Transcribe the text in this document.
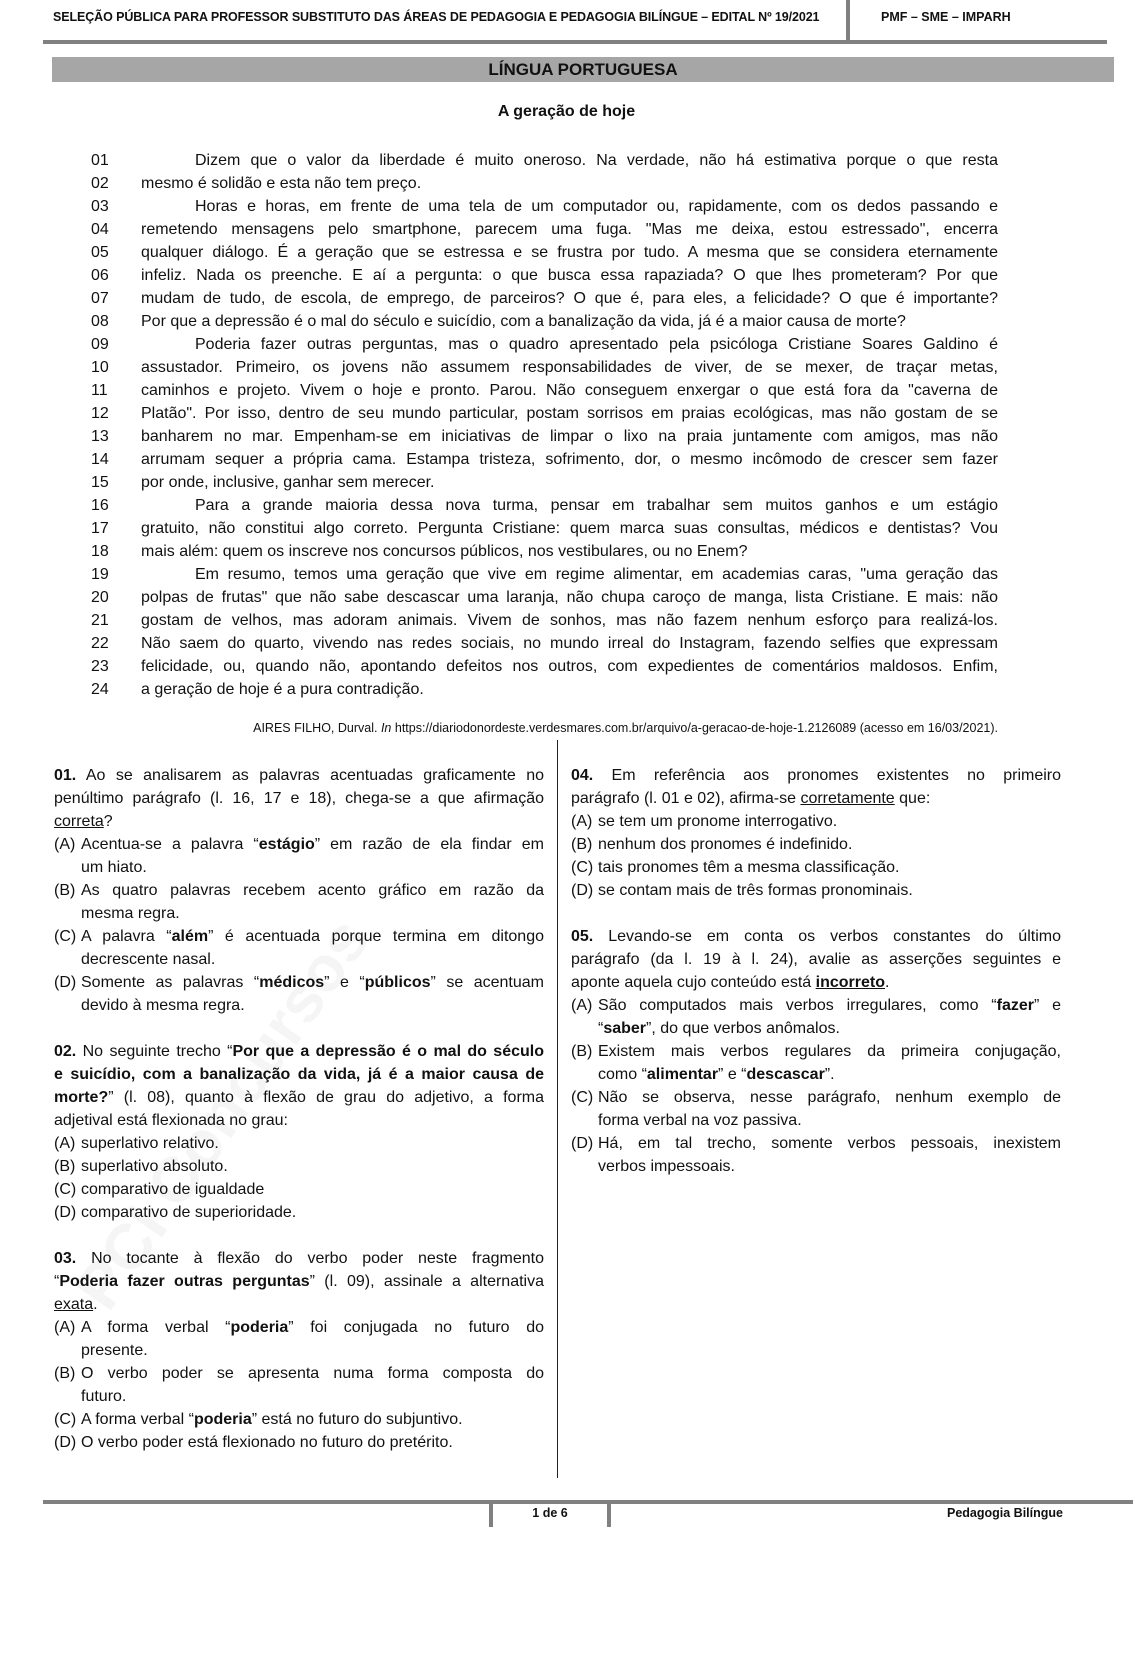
SELEÇÃO PÚBLICA PARA PROFESSOR SUBSTITUTO DAS ÁREAS DE PEDAGOGIA E PEDAGOGIA BILÍNGUE – EDITAL Nº 19/2021	PMF – SME – IMPARH
LÍNGUA PORTUGUESA
A geração de hoje
01	Dizem que o valor da liberdade é muito oneroso. Na verdade, não há estimativa porque o que resta
02	mesmo é solidão e esta não tem preço.
03	Horas e horas, em frente de uma tela de um computador ou, rapidamente, com os dedos passando e
04	remetendo mensagens pelo smartphone, parecem uma fuga. "Mas me deixa, estou estressado", encerra
05	qualquer diálogo. É a geração que se estressa e se frustra por tudo. A mesma que se considera eternamente
06	infeliz. Nada os preenche. E aí a pergunta: o que busca essa rapaziada? O que lhes prometeram? Por que
07	mudam de tudo, de escola, de emprego, de parceiros? O que é, para eles, a felicidade? O que é importante?
08	Por que a depressão é o mal do século e suicídio, com a banalização da vida, já é a maior causa de morte?
09	Poderia fazer outras perguntas, mas o quadro apresentado pela psicóloga Cristiane Soares Galdino é
10	assustador. Primeiro, os jovens não assumem responsabilidades de viver, de se mexer, de traçar metas,
11	caminhos e projeto. Vivem o hoje e pronto. Parou. Não conseguem enxergar o que está fora da "caverna de
12	Platão". Por isso, dentro de seu mundo particular, postam sorrisos em praias ecológicas, mas não gostam de se
13	banharem no mar. Empenham-se em iniciativas de limpar o lixo na praia juntamente com amigos, mas não
14	arrumam sequer a própria cama. Estampa tristeza, sofrimento, dor, o mesmo incômodo de crescer sem fazer
15	por onde, inclusive, ganhar sem merecer.
16	Para a grande maioria dessa nova turma, pensar em trabalhar sem muitos ganhos e um estágio
17	gratuito, não constitui algo correto. Pergunta Cristiane: quem marca suas consultas, médicos e dentistas? Vou
18	mais além: quem os inscreve nos concursos públicos, nos vestibulares, ou no Enem?
19	Em resumo, temos uma geração que vive em regime alimentar, em academias caras, "uma geração das
20	polpas de frutas" que não sabe descascar uma laranja, não chupa caroço de manga, lista Cristiane. E mais: não
21	gostam de velhos, mas adoram animais. Vivem de sonhos, mas não fazem nenhum esforço para realizá-los.
22	Não saem do quarto, vivendo nas redes sociais, no mundo irreal do Instagram, fazendo selfies que expressam
23	felicidade, ou, quando não, apontando defeitos nos outros, com expedientes de comentários maldosos. Enfim,
24	a geração de hoje é a pura contradição.
AIRES FILHO, Durval. In https://diariodonordeste.verdesmares.com.br/arquivo/a-geracao-de-hoje-1.2126089 (acesso em 16/03/2021).
01. Ao se analisarem as palavras acentuadas graficamente no
penúltimo parágrafo (l. 16, 17 e 18), chega-se a que afirmação
correta?
(A) Acentua-se a palavra “estágio” em razão de ela findar em
um hiato.
(B) As quatro palavras recebem acento gráfico em razão da
mesma regra.
(C) A palavra “além” é acentuada porque termina em ditongo
decrescente nasal.
(D) Somente as palavras “médicos” e “públicos” se acentuam
devido à mesma regra.
02. No seguinte trecho “Por que a depressão é o mal do século
e suicídio, com a banalização da vida, já é a maior causa de
morte?” (l. 08), quanto à flexão de grau do adjetivo, a forma
adjetival está flexionada no grau:
(A) superlativo relativo.
(B) superlativo absoluto.
(C) comparativo de igualdade
(D) comparativo de superioridade.
03. No tocante à flexão do verbo poder neste fragmento
“Poderia fazer outras perguntas” (l. 09), assinale a alternativa
exata.
(A) A forma verbal “poderia” foi conjugada no futuro do
presente.
(B) O verbo poder se apresenta numa forma composta do
futuro.
(C) A forma verbal “poderia” está no futuro do subjuntivo.
(D) O verbo poder está flexionado no futuro do pretérito.
04. Em referência aos pronomes existentes no primeiro
parágrafo (l. 01 e 02), afirma-se corretamente que:
(A) se tem um pronome interrogativo.
(B) nenhum dos pronomes é indefinido.
(C) tais pronomes têm a mesma classificação.
(D) se contam mais de três formas pronominais.
05. Levando-se em conta os verbos constantes do último
parágrafo (da l. 19 à l. 24), avalie as asserções seguintes e
aponte aquela cujo conteúdo está incorreto.
(A) São computados mais verbos irregulares, como “fazer” e
“saber”, do que verbos anômalos.
(B) Existem mais verbos regulares da primeira conjugação,
como “alimentar” e “descascar”.
(C) Não se observa, nesse parágrafo, nenhum exemplo de
forma verbal na voz passiva.
(D) Há, em tal trecho, somente verbos pessoais, inexistem
verbos impessoais.
1 de 6	Pedagogia Bilíngue
